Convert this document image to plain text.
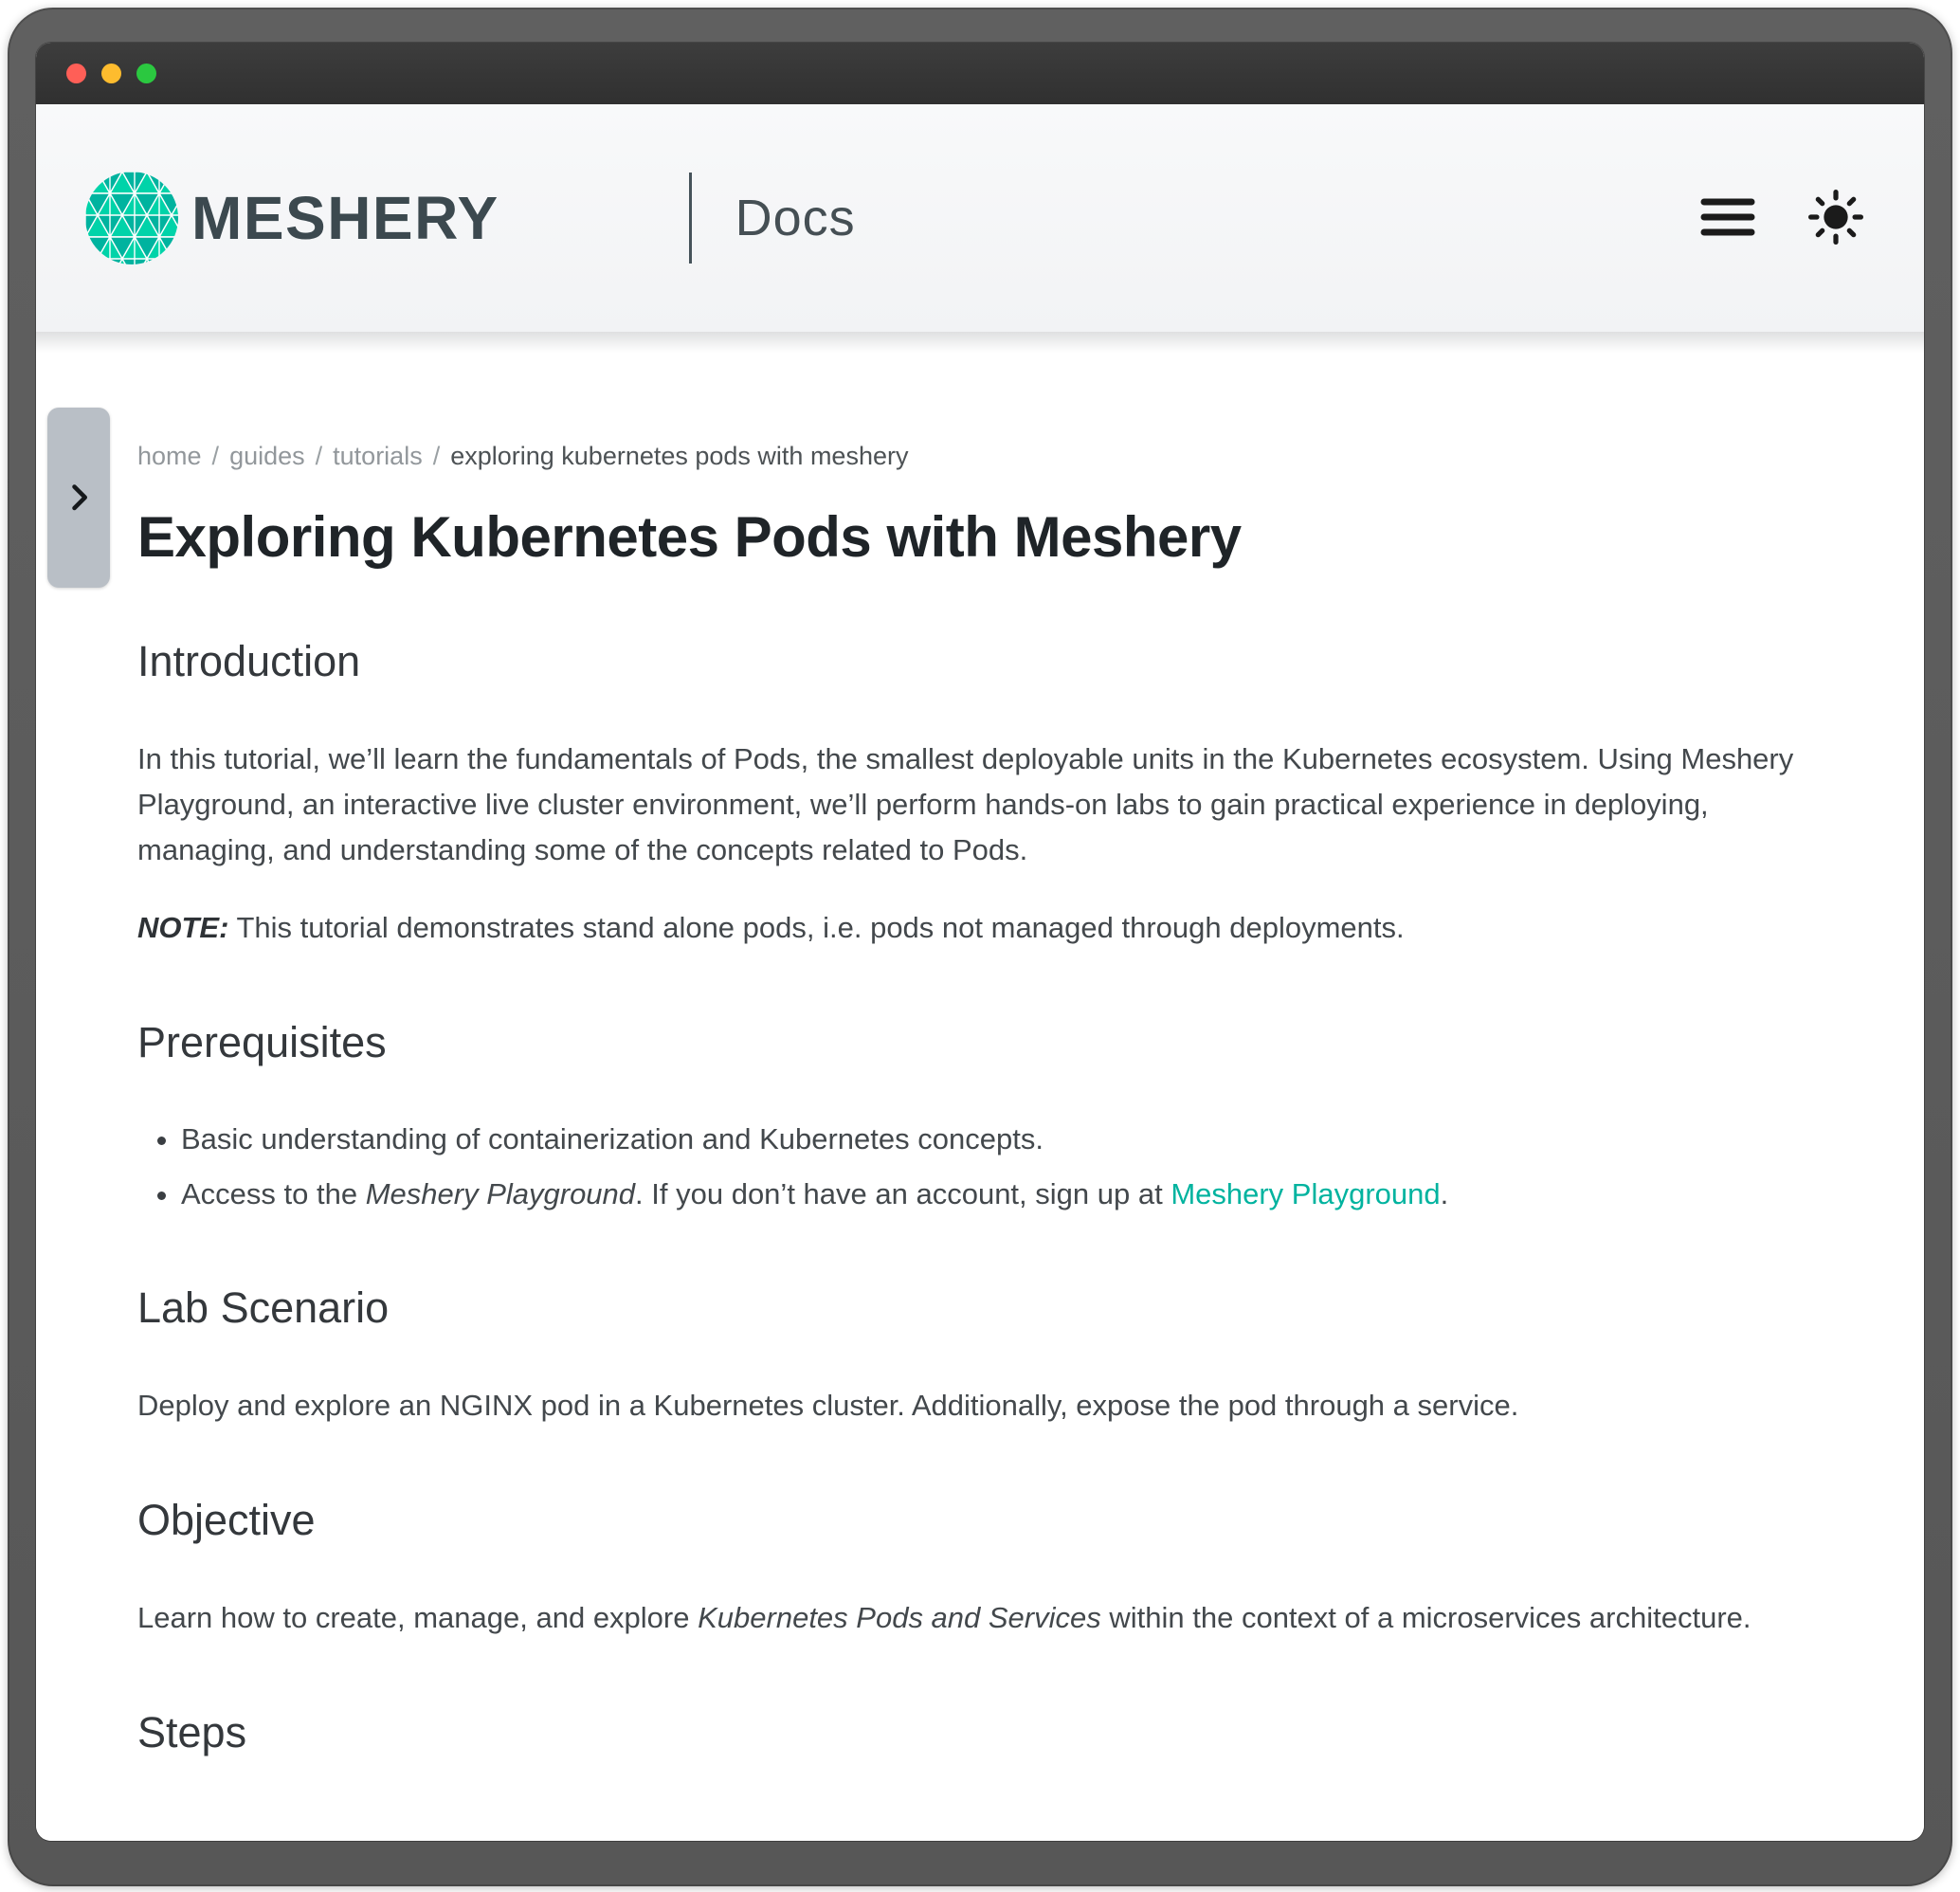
MESHERY	Docs
home / guides / tutorials / exploring kubernetes pods with meshery
Exploring Kubernetes Pods with Meshery
Introduction

In this tutorial, we’ll learn the fundamentals of Pods, the smallest deployable units in the Kubernetes ecosystem. Using Meshery Playground, an interactive live cluster environment, we’ll perform hands-on labs to gain practical experience in deploying, managing, and understanding some of the concepts related to Pods.

NOTE: This tutorial demonstrates stand alone pods, i.e. pods not managed through deployments.

Prerequisites
• Basic understanding of containerization and Kubernetes concepts.
• Access to the Meshery Playground. If you don’t have an account, sign up at Meshery Playground.
Lab Scenario

Deploy and explore an NGINX pod in a Kubernetes cluster. Additionally, expose the pod through a service.

Objective

Learn how to create, manage, and explore Kubernetes Pods and Services within the context of a microservices architecture.

Steps
